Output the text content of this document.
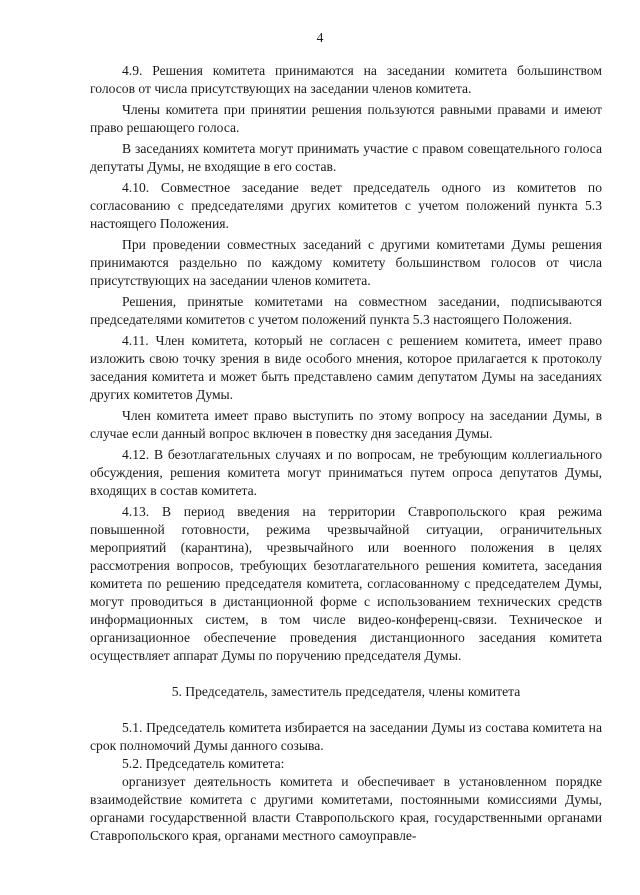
4

4.9. Решения комитета принимаются на заседании комитета большинством голосов от числа присутствующих на заседании членов комитета.

Члены комитета при принятии решения пользуются равными правами и имеют право решающего голоса.

В заседаниях комитета могут принимать участие с правом совещательного голоса депутаты Думы, не входящие в его состав.

4.10. Совместное заседание ведет председатель одного из комитетов по согласованию с председателями других комитетов с учетом положений пункта 5.3 настоящего Положения.

При проведении совместных заседаний с другими комитетами Думы решения принимаются раздельно по каждому комитету большинством голосов от числа присутствующих на заседании членов комитета.

Решения, принятые комитетами на совместном заседании, подписываются председателями комитетов с учетом положений пункта 5.3 настоящего Положения.

4.11. Член комитета, который не согласен с решением комитета, имеет право изложить свою точку зрения в виде особого мнения, которое прилагается к протоколу заседания комитета и может быть представлено самим депутатом Думы на заседаниях других комитетов Думы.

Член комитета имеет право выступить по этому вопросу на заседании Думы, в случае если данный вопрос включен в повестку дня заседания Думы.

4.12. В безотлагательных случаях и по вопросам, не требующим коллегиального обсуждения, решения комитета могут приниматься путем опроса депутатов Думы, входящих в состав комитета.

4.13. В период введения на территории Ставропольского края режима повышенной готовности, режима чрезвычайной ситуации, ограничительных мероприятий (карантина), чрезвычайного или военного положения в целях рассмотрения вопросов, требующих безотлагательного решения комитета, заседания комитета по решению председателя комитета, согласованному с председателем Думы, могут проводиться в дистанционной форме с использованием технических средств информационных систем, в том числе видео-конференц-связи. Техническое и организационное обеспечение проведения дистанционного заседания комитета осуществляет аппарат Думы по поручению председателя Думы.

5. Председатель, заместитель председателя, члены комитета

5.1. Председатель комитета избирается на заседании Думы из состава комитета на срок полномочий Думы данного созыва.

5.2. Председатель комитета:

организует деятельность комитета и обеспечивает в установленном порядке взаимодействие комитета с другими комитетами, постоянными комиссиями Думы, органами государственной власти Ставропольского края, государственными органами Ставропольского края, органами местного самоуправле-
